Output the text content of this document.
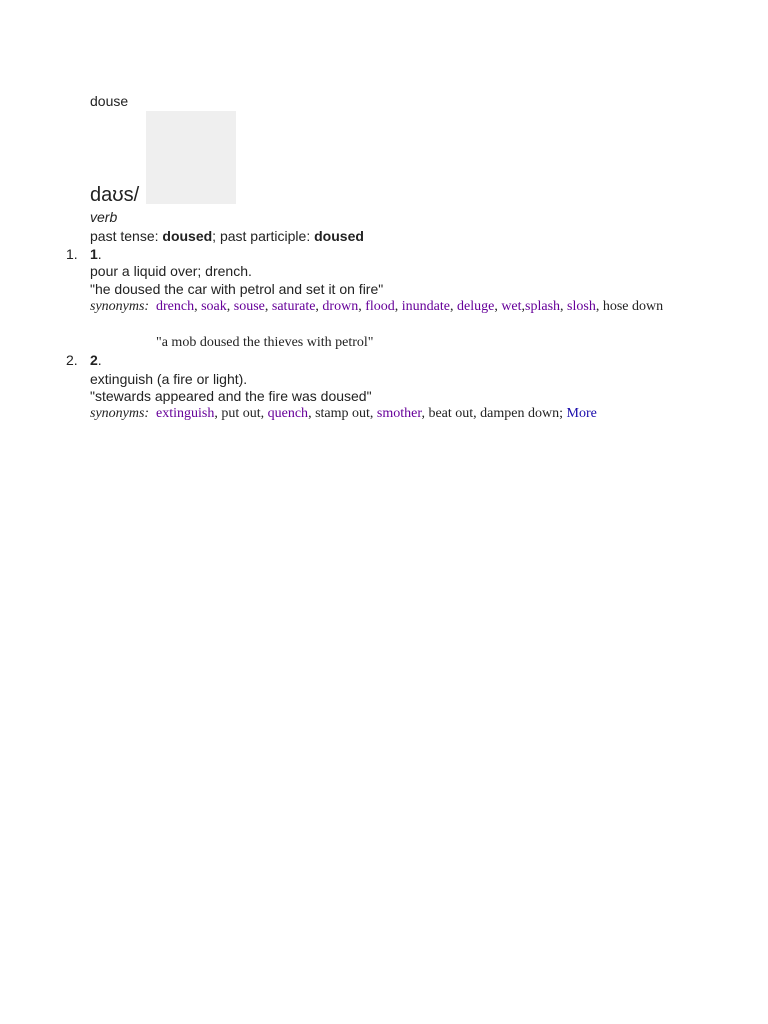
douse
daʊs/
verb
past tense: doused; past participle: doused
1. 1.
pour a liquid over; drench.
"he doused the car with petrol and set it on fire"
synonyms: drench, soak, souse, saturate, drown, flood, inundate, deluge, wet,splash, slosh, hose down
"a mob doused the thieves with petrol"
2. 2.
extinguish (a fire or light).
"stewards appeared and the fire was doused"
synonyms: extinguish, put out, quench, stamp out, smother, beat out, dampen down; More
